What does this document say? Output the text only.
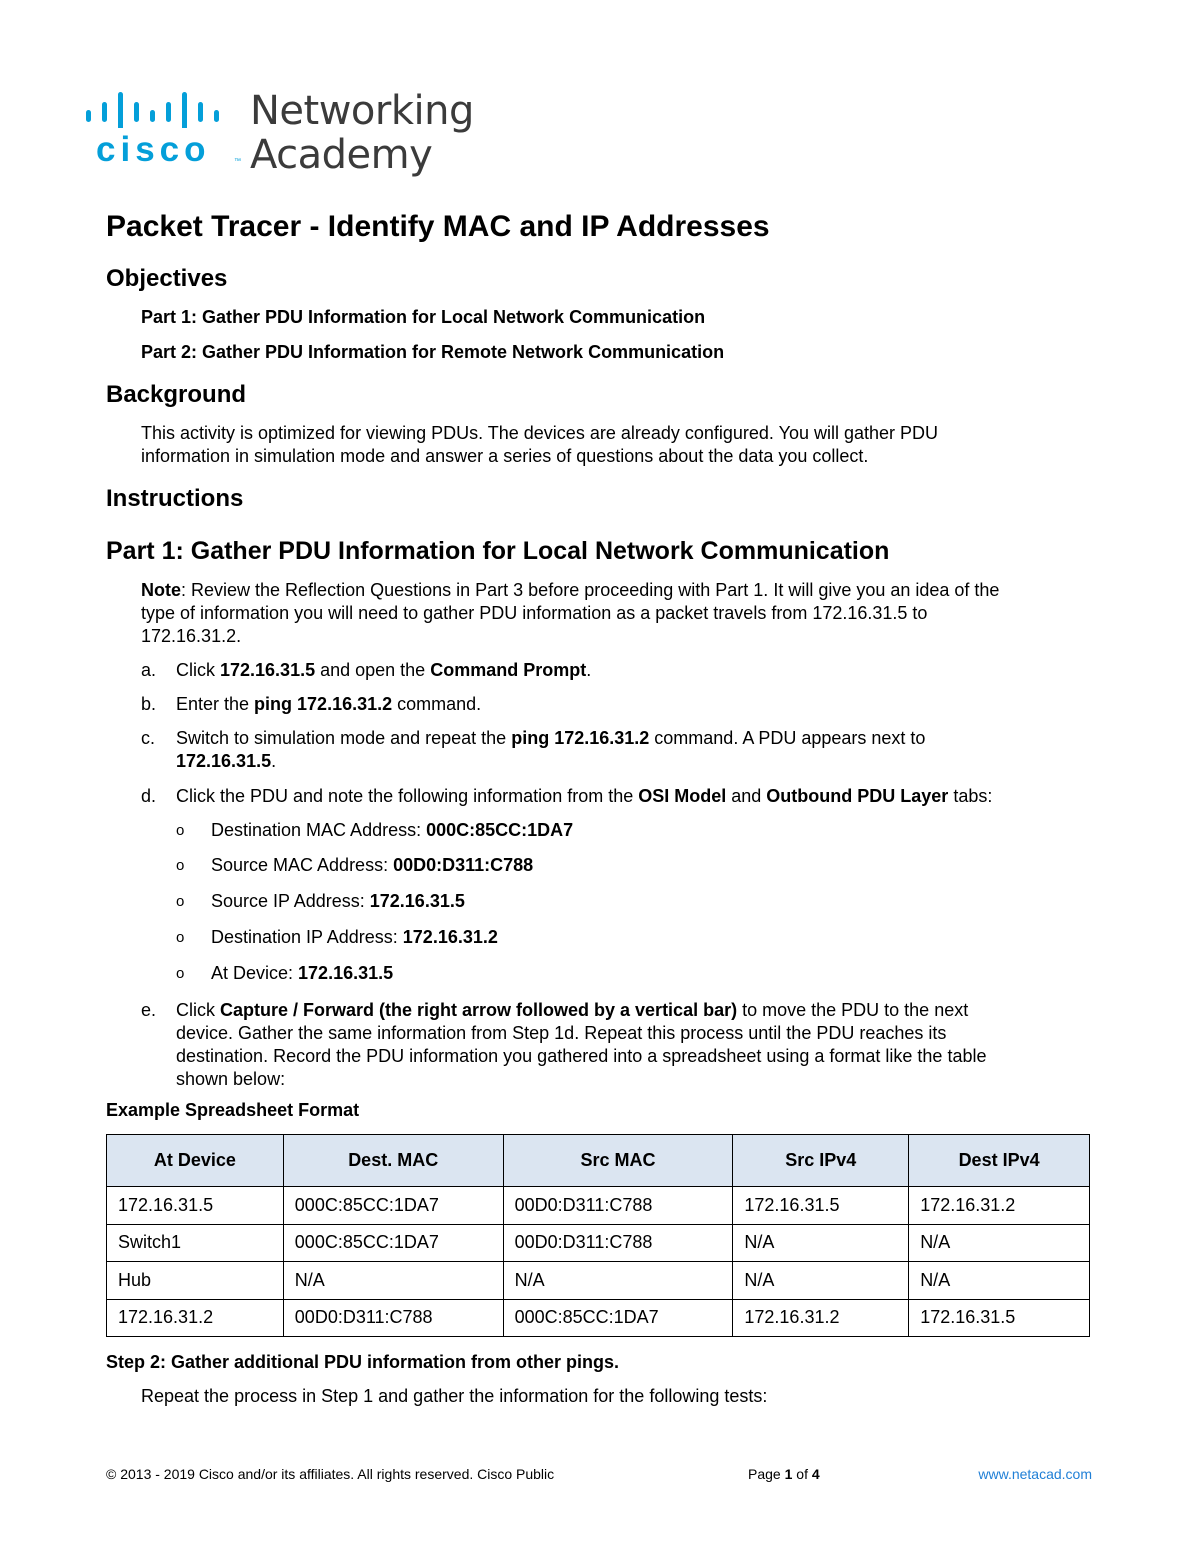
cisco	™
Networking
Academy
Packet Tracer - Identify MAC and IP Addresses
Objectives
Part 1: Gather PDU Information for Local Network Communication
Part 2: Gather PDU Information for Remote Network Communication
Background
This activity is optimized for viewing PDUs. The devices are already configured. You will gather PDU
information in simulation mode and answer a series of questions about the data you collect.
Instructions
Part 1: Gather PDU Information for Local Network Communication
Note: Review the Reflection Questions in Part 3 before proceeding with Part 1. It will give you an idea of the
type of information you will need to gather PDU information as a packet travels from 172.16.31.5 to
172.16.31.2.
a.	Click 172.16.31.5 and open the Command Prompt.
b.	Enter the ping 172.16.31.2 command.
c.	Switch to simulation mode and repeat the ping 172.16.31.2 command. A PDU appears next to
172.16.31.5.
d.	Click the PDU and note the following information from the OSI Model and Outbound PDU Layer tabs:
o Destination MAC Address: 000C:85CC:1DA7
o Source MAC Address: 00D0:D311:C788
o Source IP Address: 172.16.31.5
o Destination IP Address: 172.16.31.2
o At Device: 172.16.31.5
e.	Click Capture / Forward (the right arrow followed by a vertical bar) to move the PDU to the next
device. Gather the same information from Step 1d. Repeat this process until the PDU reaches its
destination. Record the PDU information you gathered into a spreadsheet using a format like the table
shown below:
Example Spreadsheet Format
At Device	Dest. MAC	Src MAC	Src IPv4	Dest IPv4
172.16.31.5	000C:85CC:1DA7	00D0:D311:C788	172.16.31.5	172.16.31.2
Switch1	000C:85CC:1DA7	00D0:D311:C788	N/A	N/A
Hub	N/A	N/A	N/A	N/A
172.16.31.2	00D0:D311:C788	000C:85CC:1DA7	172.16.31.2	172.16.31.5
Step 2: Gather additional PDU information from other pings.
Repeat the process in Step 1 and gather the information for the following tests:
© 2013 - 2019 Cisco and/or its affiliates. All rights reserved. Cisco Public	Page 1 of 4	www.netacad.com
